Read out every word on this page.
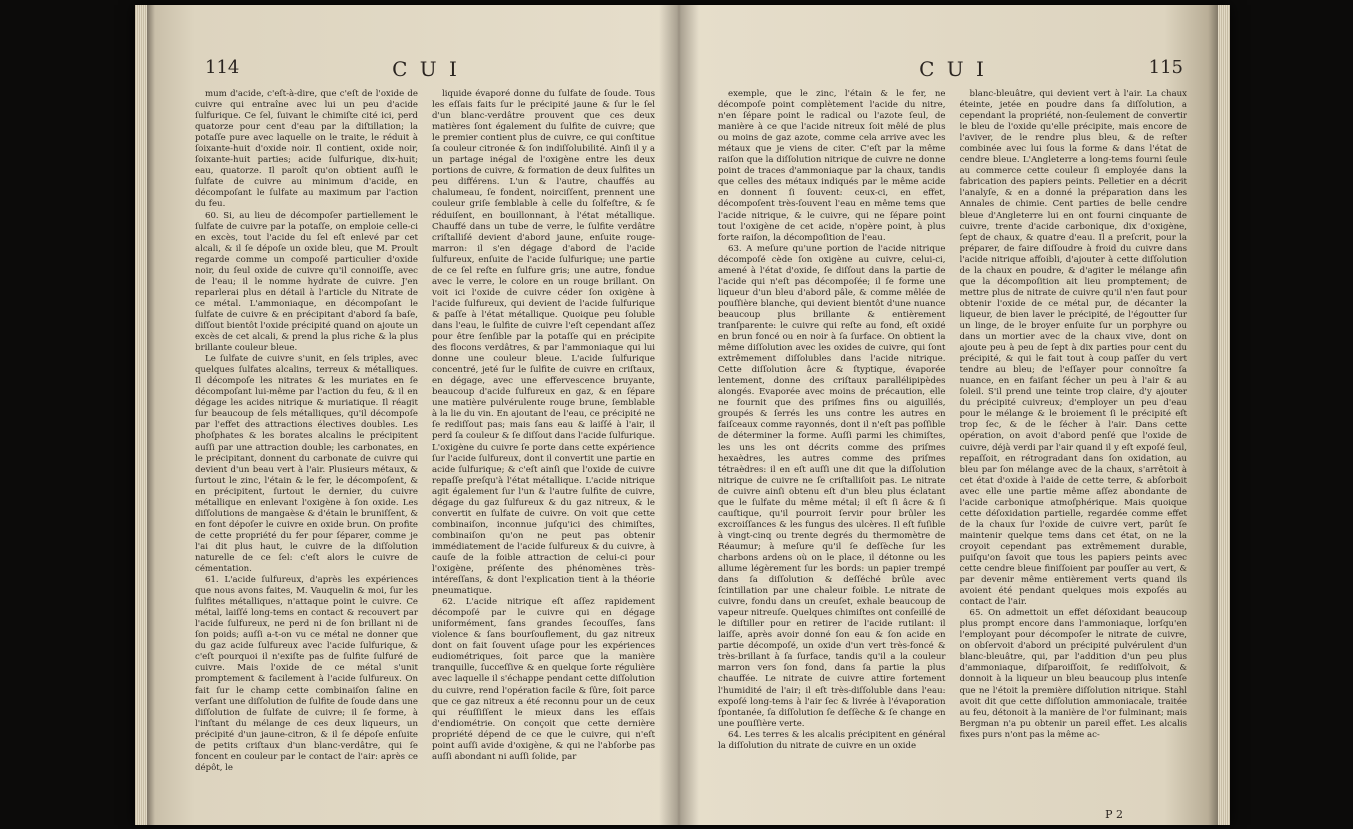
114	C U I

mum d'acide, c'eſt-à-dire, que c'eſt de l'oxide de cuivre qui entraîne avec lui un peu d'acide ſulfurique. Ce ſel, ſuivant le chimiſte cité ici, perd quatorze pour cent d'eau par la diſtillation; la potaſſe pure avec laquelle on le traite, le réduit à ſoixante-huit d'oxide noir. Il contient, oxide noir, ſoixante-huit parties; acide ſulfurique, dix-huit; eau, quatorze. Il paroît qu'on obtient auſſi le ſulfate de cuivre au minimum d'acide, en décompoſant le ſulfate au maximum par l'action du feu.

60. Si, au lieu de décompoſer partiellement le ſulfate de cuivre par la potaſſe, on emploie celle-ci en excès, tout l'acide du ſel eſt enlevé par cet alcali, & il ſe dépoſe un oxide bleu, que M. Proult regarde comme un compoſé particulier d'oxide noir, du ſeul oxide de cuivre qu'il connoiſſe, avec de l'eau; il le nomme hydrate de cuivre. J'en reparlerai plus en détail à l'article du Nitrate de ce métal. L'ammoniaque, en décompoſant le ſulfate de cuivre & en précipitant d'abord ſa baſe, diſſout bientôt l'oxide précipité quand on ajoute un excès de cet alcali, & prend la plus riche & la plus brillante couleur bleue.

Le ſulfate de cuivre s'unit, en ſels triples, avec quelques ſulfates alcalins, terreux & métalliques. Il décompoſe les nitrates & les muriates en ſe décompoſant lui-même par l'action du feu, & il en dégage les acides nitrique & muriatique. Il réagit ſur beaucoup de ſels métalliques, qu'il décompoſe par l'effet des attractions électives doubles. Les phoſphates & les borates alcalins le précipitent auſſi par une attraction double; les carbonates, en le précipitant, donnent du carbonate de cuivre qui devient d'un beau vert à l'air. Plusieurs métaux, & ſurtout le zinc, l'étain & le fer, le décompoſent, & en précipitent, ſurtout le dernier, du cuivre métallique en enlevant l'oxigène à ſon oxide. Les diſſolutions de mangaèse & d'étain le bruniſſent, & en font dépoſer le cuivre en oxide brun. On profite de cette propriété du fer pour ſéparer, comme je l'ai dit plus haut, le cuivre de la diſſolution naturelle de ce ſel: c'eſt alors le cuivre de cémentation.

61. L'acide ſulfureux, d'après les expériences que nous avons faites, M. Vauquelin & moi, ſur les ſulfites métalliques, n'attaque point le cuivre. Ce métal, laiſſé long-tems en contact & recouvert par l'acide ſulfureux, ne perd ni de ſon brillant ni de ſon poids; auſſi a-t-on vu ce métal ne donner que du gaz acide ſulfureux avec l'acide ſulfurique, & c'eſt pourquoi il n'exiſte pas de ſulfite ſulfuré de cuivre. Mais l'oxide de ce métal s'unit promptement & facilement à l'acide ſulfureux. On fait ſur le champ cette combinaiſon ſaline en verſant une diſſolution de ſulfite de ſoude dans une diſſolution de ſulfate de cuivre; il ſe forme, à l'inſtant du mélange de ces deux liqueurs, un précipité d'un jaune-citron, & il ſe dépoſe enſuite de petits criſtaux d'un blanc-verdâtre, qui ſe foncent en couleur par le contact de l'air: après ce dépôt, le

liquide évaporé donne du ſulfate de ſoude. Tous les eſſais faits ſur le précipité jaune & ſur le ſel d'un blanc-verdâtre prouvent que ces deux matières ſont également du ſulfite de cuivre; que le premier contient plus de cuivre, ce qui conſtitue ſa couleur citronée & ſon indiſſolubilité. Ainſi il y a un partage inégal de l'oxigène entre les deux portions de cuivre, & formation de deux ſulfites un peu différens. L'un & l'autre, chauffés au chalumeau, ſe fondent, noirciſſent, prennent une couleur griſe ſemblable à celle du ſolfeſtre, & ſe réduiſent, en bouillonnant, à l'état métallique. Chauffé dans un tube de verre, le ſulfite verdâtre criſtalliſé devient d'abord jaune, enſuite rouge-marron: il s'en dégage d'abord de l'acide ſulfureux, enſuite de l'acide ſulfurique; une partie de ce ſel reſte en ſulfure gris; une autre, fondue avec le verre, le colore en un rouge brillant. On voit ici l'oxide de cuivre céder ſon oxigène à l'acide ſulfureux, qui devient de l'acide ſulfurique & paſſe à l'état métallique. Quoique peu ſoluble dans l'eau, le ſulfite de cuivre l'eſt cependant aſſez pour être ſenſible par la potaſſe qui en précipite des flocons verdâtres, & par l'ammoniaque qui lui donne une couleur bleue. L'acide ſulfurique concentré, jeté ſur le ſulfite de cuivre en criſtaux, en dégage, avec une effervescence bruyante, beaucoup d'acide ſulfureux en gaz, & en ſépare une matière pulvérulente rouge brune, ſemblable à la lie du vin. En ajoutant de l'eau, ce précipité ne ſe rediſſout pas; mais ſans eau & laiſſé à l'air, il perd ſa couleur & ſe diſſout dans l'acide ſulfurique. L'oxigène du cuivre ſe porte dans cette expérience ſur l'acide ſulfureux, dont il convertit une partie en acide ſulfurique; & c'eſt ainſi que l'oxide de cuivre repaſſe preſqu'à l'état métallique. L'acide nitrique agit également ſur l'un & l'autre ſulfite de cuivre, dégage du gaz ſulfureux & du gaz nitreux, & le convertit en ſulfate de cuivre. On voit que cette combinaiſon, inconnue juſqu'ici des chimiſtes, combinaiſon qu'on ne peut pas obtenir immédiatement de l'acide ſulfureux & du cuivre, à cauſe de la foible attraction de celui-ci pour l'oxigène, préſente des phénomènes très-intéreſſans, & dont l'explication tient à la théorie pneumatique.

62. L'acide nitrique eſt aſſez rapidement décompoſé par le cuivre qui en dégage uniformément, ſans grandes ſecouſſes, ſans violence & ſans bourſouflement, du gaz nitreux dont on fait ſouvent uſage pour les expériences eudiométriques, ſoit parce que la manière tranquille, ſucceſſive & en quelque ſorte régulière avec laquelle il s'échappe pendant cette diſſolution du cuivre, rend l'opération facile & ſûre, ſoit parce que ce gaz nitreux a été reconnu pour un de ceux qui réuſſiſſent le mieux dans les eſſais d'endiométrie. On conçoit que cette dernière propriété dépend de ce que le cuivre, qui n'eſt point auſſi avide d'oxigène, & qui ne l'abſorbe pas auſſi abondant ni auſſi ſolide, par

C U I	115

exemple, que le zinc, l'étain & le fer, ne décompoſe point complètement l'acide du nitre, n'en ſépare point le radical ou l'azote ſeul, de manière à ce que l'acide nitreux ſoit mêlé de plus ou moins de gaz azote, comme cela arrive avec les métaux que je viens de citer. C'eſt par la même raiſon que la diſſolution nitrique de cuivre ne donne point de traces d'ammoniaque par la chaux, tandis que celles des métaux indiqués par le même acide en donnent ſi ſouvent: ceux-ci, en effet, décompoſent très-ſouvent l'eau en même tems que l'acide nitrique, & le cuivre, qui ne ſépare point tout l'oxigène de cet acide, n'opère point, à plus forte raiſon, la décompoſition de l'eau.

63. A meſure qu'une portion de l'acide nitrique décompoſé cède ſon oxigène au cuivre, celui-ci, amené à l'état d'oxide, ſe diſſout dans la partie de l'acide qui n'eſt pas décompoſée; il ſe forme une liqueur d'un bleu d'abord pâle, & comme mêlée de pouſſière blanche, qui devient bientôt d'une nuance beaucoup plus brillante & entièrement tranſparente: le cuivre qui reſte au fond, eſt oxidé en brun foncé ou en noir à ſa ſurface. On obtient la même diſſolution avec les oxides de cuivre, qui ſont extrêmement diſſolubles dans l'acide nitrique. Cette diſſolution âcre & ſtyptique, évaporée lentement, donne des criſtaux parallélipipèdes alongés. Evaporée avec moins de précaution, elle ne fournit que des priſmes fins ou aiguillés, groupés & ſerrés les uns contre les autres en faiſceaux comme rayonnés, dont il n'eſt pas poſſible de déterminer la forme. Auſſi parmi les chimiſtes, les uns les ont décrits comme des priſmes hexaèdres, les autres comme des priſmes tétraèdres: il en eſt auſſi une dit que la diſſolution nitrique de cuivre ne ſe criſtalliſoit pas. Le nitrate de cuivre ainſi obtenu eſt d'un bleu plus éclatant que le ſulfate du même métal; il eſt ſi âcre & ſi cauſtique, qu'il pourroit ſervir pour brûler les excroiſſances & les fungus des ulcères. Il eſt fuſible à vingt-cinq ou trente degrés du thermomètre de Réaumur; à meſure qu'il ſe deſſèche ſur les charbons ardens où on le place, il détonne ou les allume légèrement ſur les bords: un papier trempé dans ſa diſſolution & deſſéché brûle avec ſcintillation par une chaleur foible. Le nitrate de cuivre, fondu dans un creuſet, exhale beaucoup de vapeur nitreuſe. Quelques chimiſtes ont conſeillé de le diſtiller pour en retirer de l'acide rutilant: il laiſſe, après avoir donné ſon eau & ſon acide en partie décompoſé, un oxide d'un vert très-foncé & très-brillant à ſa ſurface, tandis qu'il a la couleur marron vers ſon fond, dans ſa partie la plus chauffée. Le nitrate de cuivre attire fortement l'humidité de l'air; il eſt très-diſſoluble dans l'eau: expoſé long-tems à l'air ſec & livrée à l'évaporation ſpontanée, ſa diſſolution ſe deſſèche & ſe change en une pouſſière verte.

64. Les terres & les alcalis précipitent en général la diſſolution du nitrate de cuivre en un oxide

blanc-bleuâtre, qui devient vert à l'air. La chaux éteinte, jetée en poudre dans ſa diſſolution, a cependant la propriété, non-ſeulement de convertir le bleu de l'oxide qu'elle précipite, mais encore de l'aviver, de le rendre plus bleu, & de reſter combinée avec lui ſous la forme & dans l'état de cendre bleue. L'Angleterre a long-tems fourni ſeule au commerce cette couleur ſi employée dans la fabrication des papiers peints. Pelletier en a décrit l'analyſe, & en a donné la préparation dans les Annales de chimie. Cent parties de belle cendre bleue d'Angleterre lui en ont fourni cinquante de cuivre, trente d'acide carbonique, dix d'oxigène, ſept de chaux, & quatre d'eau. Il a preſcrit, pour la préparer, de faire diſſoudre à froid du cuivre dans l'acide nitrique affoibli, d'ajouter à cette diſſolution de la chaux en poudre, & d'agiter le mélange afin que la décompoſition ait lieu promptement; de mettre plus de nitrate de cuivre qu'il n'en faut pour obtenir l'oxide de ce métal pur, de décanter la liqueur, de bien laver le précipité, de l'égoutter ſur un linge, de le broyer enſuite ſur un porphyre ou dans un mortier avec de la chaux vive, dont on ajoute peu à peu de ſept à dix parties pour cent du précipité, & qui le fait tout à coup paſſer du vert tendre au bleu; de l'eſſayer pour connoître ſa nuance, en en faiſant ſécher un peu à l'air & au ſoleil. S'il prend une teinte trop claire, d'y ajouter du précipité cuivreux; d'employer un peu d'eau pour le mélange & le broiement ſi le précipité eſt trop ſec, & de le ſécher à l'air. Dans cette opération, on avoit d'abord penſé que l'oxide de cuivre, déjà verdi par l'air quand il y eſt expoſé ſeul, repaſſoit, en rétrogradant dans ſon oxidation, au bleu par ſon mélange avec de la chaux, s'arrêtoit à cet état d'oxide à l'aide de cette terre, & abſorboit avec elle une partie même aſſez abondante de l'acide carbonique atmoſphérique. Mais quoique cette déſoxidation partielle, regardée comme effet de la chaux ſur l'oxide de cuivre vert, parût ſe maintenir quelque tems dans cet état, on ne la croyoit cependant pas extrêmement durable, puiſqu'on ſavoit que tous les papiers peints avec cette cendre bleue finiſſoient par pouſſer au vert, & par devenir même entièrement verts quand ils avoient été pendant quelques mois expoſés au contact de l'air.

65. On admettoit un effet déſoxidant beaucoup plus prompt encore dans l'ammoniaque, lorſqu'en l'employant pour décompoſer le nitrate de cuivre, on obſervoit d'abord un précipité pulvérulent d'un blanc-bleuâtre, qui, par l'addition d'un peu plus d'ammoniaque, diſparoiſſoit, ſe rediſſolvoit, & donnoit à la liqueur un bleu beaucoup plus intenſe que ne l'étoit la première diſſolution nitrique. Stahl avoit dit que cette diſſolution ammoniacale, traitée au feu, détonoit à la manière de l'or fulminant; mais Bergman n'a pu obtenir un pareil effet. Les alcalis fixes purs n'ont pas la même ac-

P 2
